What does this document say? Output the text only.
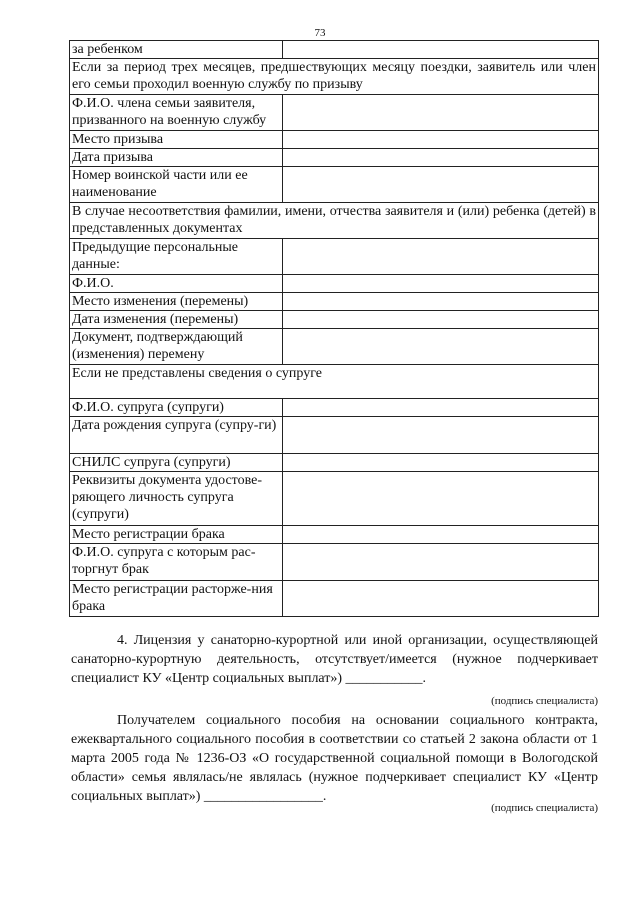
73
за ребенком	
Если за период трех месяцев, предшествующих месяцу поездки, заявитель или член его семьи проходил военную службу по призыву	
Ф.И.О. члена семьи заявителя, призванного на военную службу	
Место призыва	
Дата призыва	
Номер воинской части или ее наименование	
В случае несоответствия фамилии, имени, отчества заявителя и (или) ребенка (детей) в представленных документах	
Предыдущие персональные данные:	
Ф.И.О.	
Место изменения (перемены)	
Дата изменения (перемены)	
Документ, подтверждающий (изменения) перемену	
Если не представлены сведения о супруге	
Ф.И.О. супруга (супруги)	
Дата рождения супруга (супру-ги)	
СНИЛС супруга (супруги)	
Реквизиты документа удостове-ряющего личность супруга (супруги)	
Место регистрации брака	
Ф.И.О. супруга с которым рас-торгнут брак	
Место регистрации расторже-ния брака	

4. Лицензия у санаторно-курортной или иной организации, осуществляющей санаторно-курортную деятельность, отсутствует/имеется (нужное подчеркивает специалист КУ «Центр социальных выплат») ___________.

(подпись специалиста)

Получателем социального пособия на основании социального контракта, ежеквартального социального пособия в соответствии со статьей 2 закона области от 1 марта 2005 года № 1236-ОЗ «О государственной социальной помощи в Вологодской области» семья являлась/не являлась (нужное подчеркивает специалист КУ «Центр социальных выплат») _________________.

(подпись специалиста)
